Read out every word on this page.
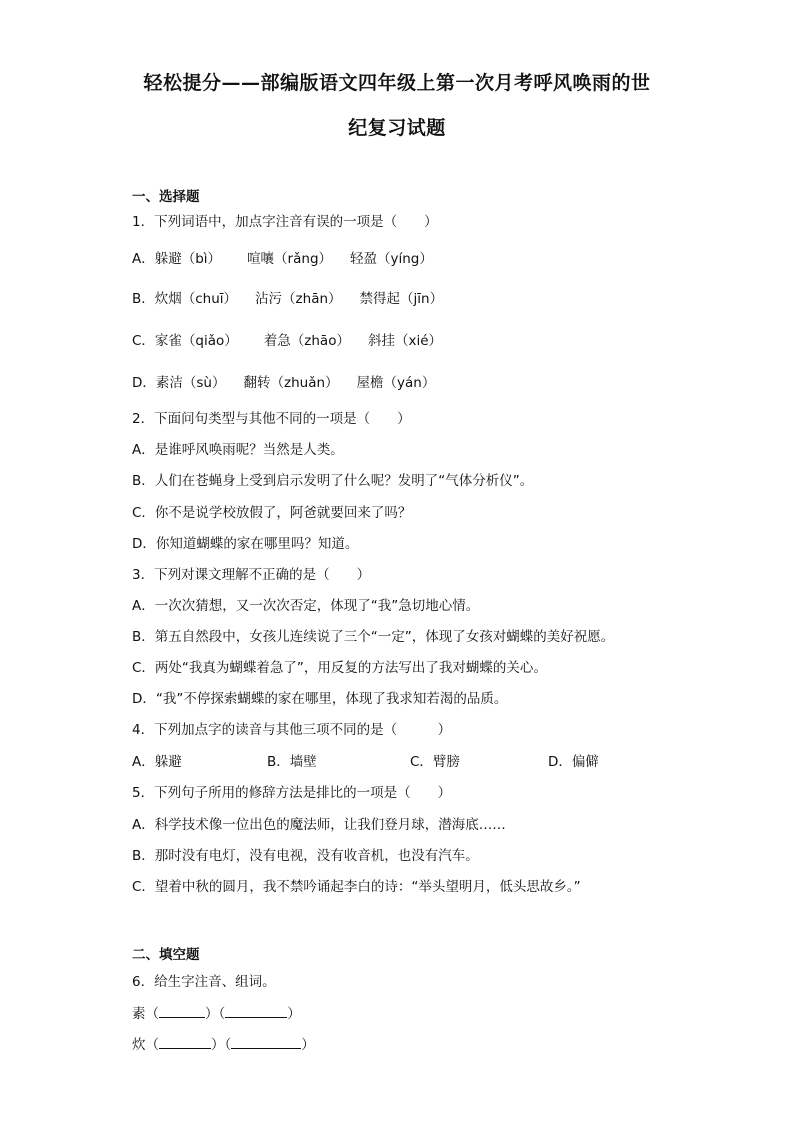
轻松提分——部编版语文四年级上第一次月考呼风唤雨的世
纪复习试题
一、选择题
1．下列词语中，加点字注音有误的一项是（　　）
A．躲避（bì） 喧嚷（rǎng） 轻盈（yíng）
B．炊烟（chuī） 沾污（zhān） 禁得起（jīn）
C．家雀（qiǎo） 着急（zhāo） 斜挂（xié）
D．素洁（sù） 翻转（zhuǎn） 屋檐（yán）
2．下面问句类型与其他不同的一项是（　　）
A．是谁呼风唤雨呢？当然是人类。
B．人们在苍蝇身上受到启示发明了什么呢？发明了“气体分析仪”。
C．你不是说学校放假了，阿爸就要回来了吗？
D．你知道蝴蝶的家在哪里吗？知道。
3．下列对课文理解不正确的是（　　）
A．一次次猜想，又一次次否定，体现了“我”急切地心情。
B．第五自然段中，女孩儿连续说了三个“一定”，体现了女孩对蝴蝶的美好祝愿。
C．两处“我真为蝴蝶着急了”，用反复的方法写出了我对蝴蝶的关心。
D．“我”不停探索蝴蝶的家在哪里，体现了我求知若渴的品质。
4．下列加点字的读音与其他三项不同的是（　　　）
A．躲避	B．墙壁	C．臂膀	D．偏僻
5．下列句子所用的修辞方法是排比的一项是（　　）
A．科学技术像一位出色的魔法师，让我们登月球，潜海底……
B．那时没有电灯，没有电视，没有收音机，也没有汽车。
C．望着中秋的圆月，我不禁吟诵起李白的诗：“举头望明月，低头思故乡。”
二、填空题
6．给生字注音、组词。
素（	）（	）
炊（	）（	）
